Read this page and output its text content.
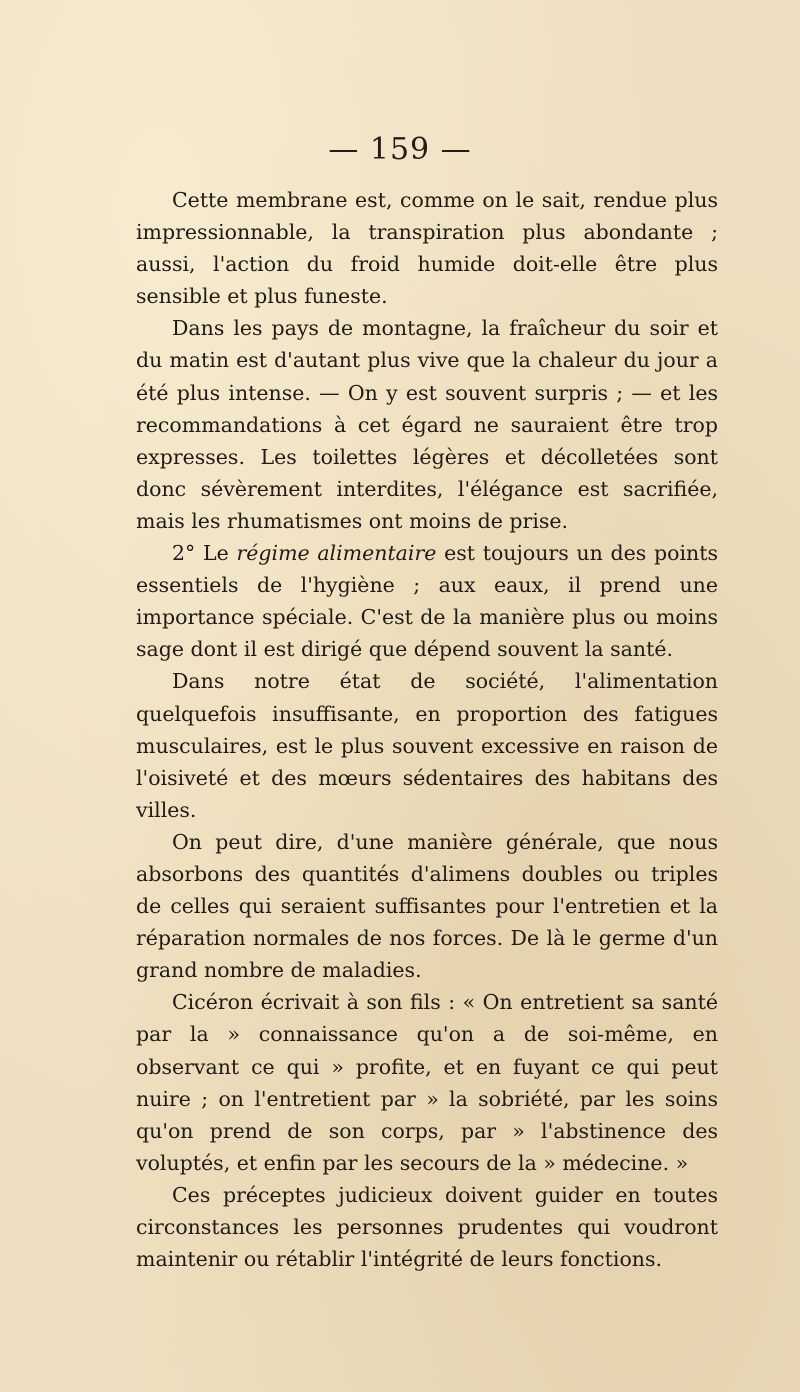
— 159 —

Cette membrane est, comme on le sait, rendue plus impressionnable, la transpiration plus abondante ; aussi, l'action du froid humide doit-elle être plus sensible et plus funeste.

Dans les pays de montagne, la fraîcheur du soir et du matin est d'autant plus vive que la chaleur du jour a été plus intense. — On y est souvent surpris ; — et les recommandations à cet égard ne sauraient être trop expresses. Les toilettes légères et décolletées sont donc sévèrement interdites, l'élégance est sacrifiée, mais les rhumatismes ont moins de prise.

2° Le régime alimentaire est toujours un des points essentiels de l'hygiène ; aux eaux, il prend une importance spéciale. C'est de la manière plus ou moins sage dont il est dirigé que dépend souvent la santé.

Dans notre état de société, l'alimentation quelquefois insuffisante, en proportion des fatigues musculaires, est le plus souvent excessive en raison de l'oisiveté et des mœurs sédentaires des habitans des villes.

On peut dire, d'une manière générale, que nous absorbons des quantités d'alimens doubles ou triples de celles qui seraient suffisantes pour l'entretien et la réparation normales de nos forces. De là le germe d'un grand nombre de maladies.

Cicéron écrivait à son fils : « On entretient sa santé par la » connaissance qu'on a de soi-même, en observant ce qui » profite, et en fuyant ce qui peut nuire ; on l'entretient par » la sobriété, par les soins qu'on prend de son corps, par » l'abstinence des voluptés, et enfin par les secours de la » médecine. »

Ces préceptes judicieux doivent guider en toutes circonstances les personnes prudentes qui voudront maintenir ou rétablir l'intégrité de leurs fonctions.
